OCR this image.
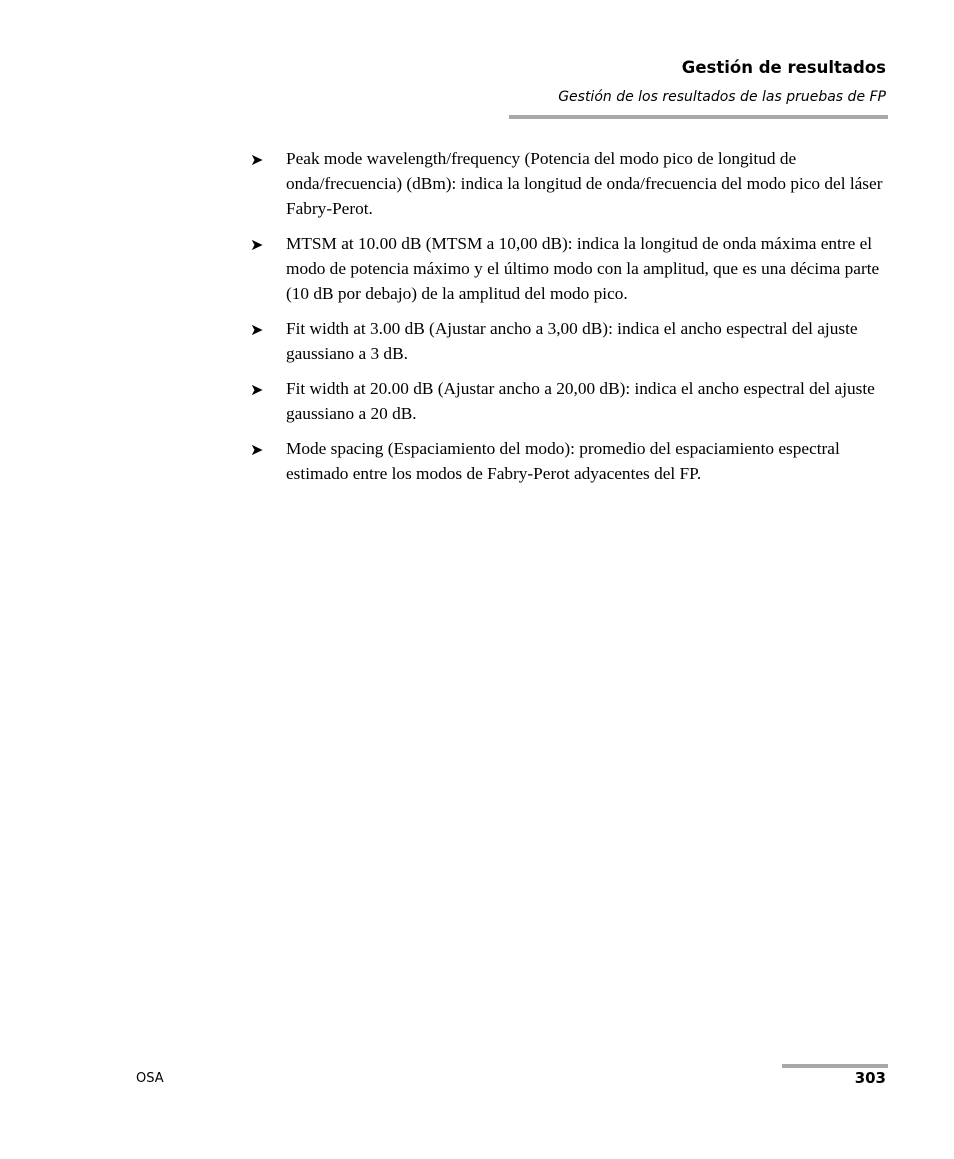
Gestión de resultados
Gestión de los resultados de las pruebas de FP
➤ Peak mode wavelength/frequency (Potencia del modo pico de longitud de onda/frecuencia) (dBm): indica la longitud de onda/frecuencia del modo pico del láser Fabry-Perot.
➤ MTSM at 10.00 dB (MTSM a 10,00 dB): indica la longitud de onda máxima entre el modo de potencia máximo y el último modo con la amplitud, que es una décima parte (10 dB por debajo) de la amplitud del modo pico.
➤ Fit width at 3.00 dB (Ajustar ancho a 3,00 dB): indica el ancho espectral del ajuste gaussiano a 3 dB.
➤ Fit width at 20.00 dB (Ajustar ancho a 20,00 dB): indica el ancho espectral del ajuste gaussiano a 20 dB.
➤ Mode spacing (Espaciamiento del modo): promedio del espaciamiento espectral estimado entre los modos de Fabry-Perot adyacentes del FP.
OSA	303
